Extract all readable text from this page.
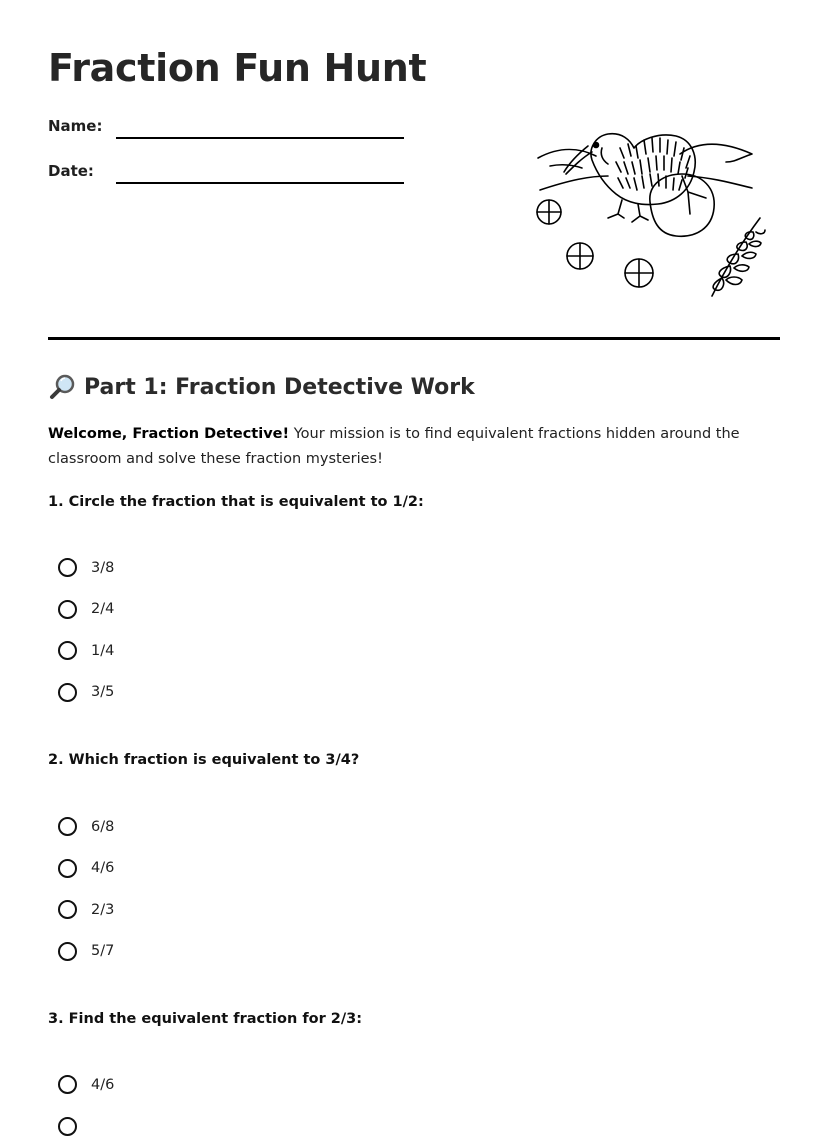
Fraction Fun Hunt
Name:
Date:
Part 1: Fraction Detective Work
Welcome, Fraction Detective! Your mission is to find equivalent fractions hidden around the classroom and solve these fraction mysteries!
1. Circle the fraction that is equivalent to 1/2:
3/8
2/4
1/4
3/5
2. Which fraction is equivalent to 3/4?
6/8
4/6
2/3
5/7
3. Find the equivalent fraction for 2/3:
4/6
